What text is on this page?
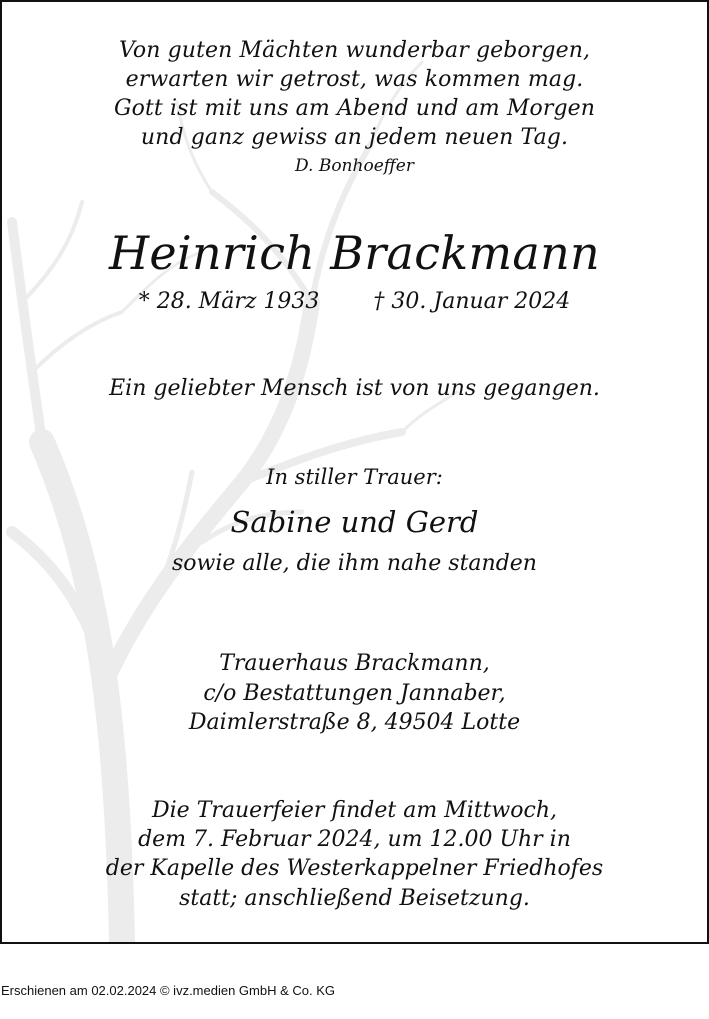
Von guten Mächten wunderbar geborgen,
erwarten wir getrost, was kommen mag.
Gott ist mit uns am Abend und am Morgen
und ganz gewiss an jedem neuen Tag.
D. Bonhoeffer
Heinrich Brackmann
* 28. März 1933 † 30. Januar 2024
Ein geliebter Mensch ist von uns gegangen.
In stiller Trauer:
Sabine und Gerd
sowie alle, die ihm nahe standen
Trauerhaus Brackmann,
c/o Bestattungen Jannaber,
Daimlerstraße 8, 49504 Lotte
Die Trauerfeier findet am Mittwoch,
dem 7. Februar 2024, um 12.00 Uhr in
der Kapelle des Westerkappelner Friedhofes
statt; anschließend Beisetzung.
Erschienen am 02.02.2024 © ivz.medien GmbH & Co. KG
